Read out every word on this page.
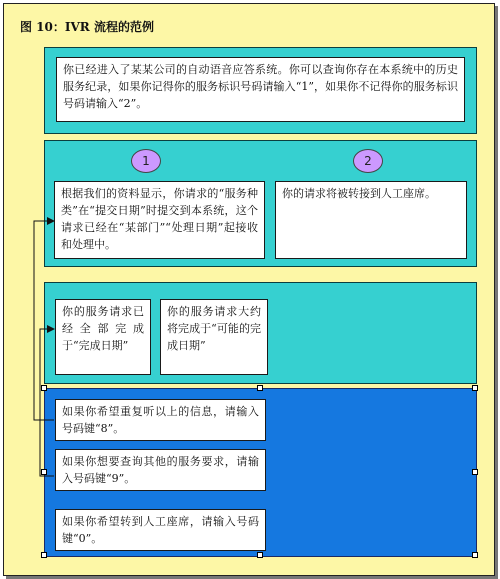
图 10：IVR 流程的范例
你已经进入了某某公司的自动语音应答系统。你可以查询你存在本系统中的历史服务纪录，如果你记得你的服务标识号码请输入“1”，如果你不记得你的服务标识号码请输入“2”。
1	2
根据我们的资料显示，你请求的“服务种类”在“提交日期”时提交到本系统，这个请求已经在“某部门”“处理日期”起接收和处理中。
你的请求将被转接到人工座席。
你的服务请求已经全部完成于“完成日期”
你的服务请求大约将完成于“可能的完成日期”
如果你希望重复听以上的信息，请输入号码键“8”。
如果你想要查询其他的服务要求，请输入号码键“9”。
如果你希望转到人工座席，请输入号码键“0”。
